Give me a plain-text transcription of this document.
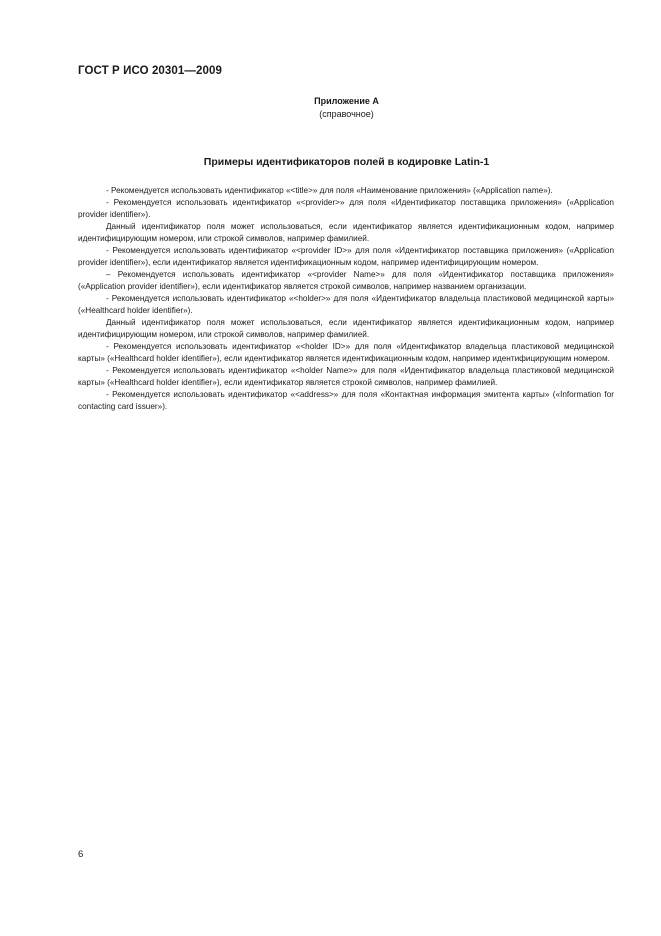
ГОСТ Р ИСО 20301—2009
Приложение А
(справочное)
Примеры идентификаторов полей в кодировке Latin-1

- Рекомендуется использовать идентификатор «<title>» для поля «Наименование приложения» («Application name»).

- Рекомендуется использовать идентификатор «<provider>» для поля «Идентификатор поставщика приложения» («Application provider identifier»).

Данный идентификатор поля может использоваться, если идентификатор является идентификационным кодом, например идентифицирующим номером, или строкой символов, например фамилией.

- Рекомендуется использовать идентификатор «<provider ID>» для поля «Идентификатор поставщика приложения» («Application provider identifier»), если идентификатор является идентификационным кодом, например идентифицирующим номером.

– Рекомендуется использовать идентификатор «<provider Name>» для поля «Идентификатор поставщика приложения» («Application provider identifier»), если идентификатор является строкой символов, например названием организации.

- Рекомендуется использовать идентификатор «<holder>» для поля «Идентификатор владельца пластиковой медицинской карты» («Healthcard holder identifier»).

Данный идентификатор поля может использоваться, если идентификатор является идентификационным кодом, например идентифицирующим номером, или строкой символов, например фамилией.

- Рекомендуется использовать идентификатор «<holder ID>» для поля «Идентификатор владельца пластиковой медицинской карты» («Healthcard holder identifier»), если идентификатор является идентификационным кодом, например идентифицирующим номером.

- Рекомендуется использовать идентификатор «<holder Name>» для поля «Идентификатор владельца пластиковой медицинской карты» («Healthcard holder identifier»), если идентификатор является строкой символов, например фамилией.

- Рекомендуется использовать идентификатор «<address>» для поля «Контактная информация эмитента карты» («Information for contacting card issuer»).

6
